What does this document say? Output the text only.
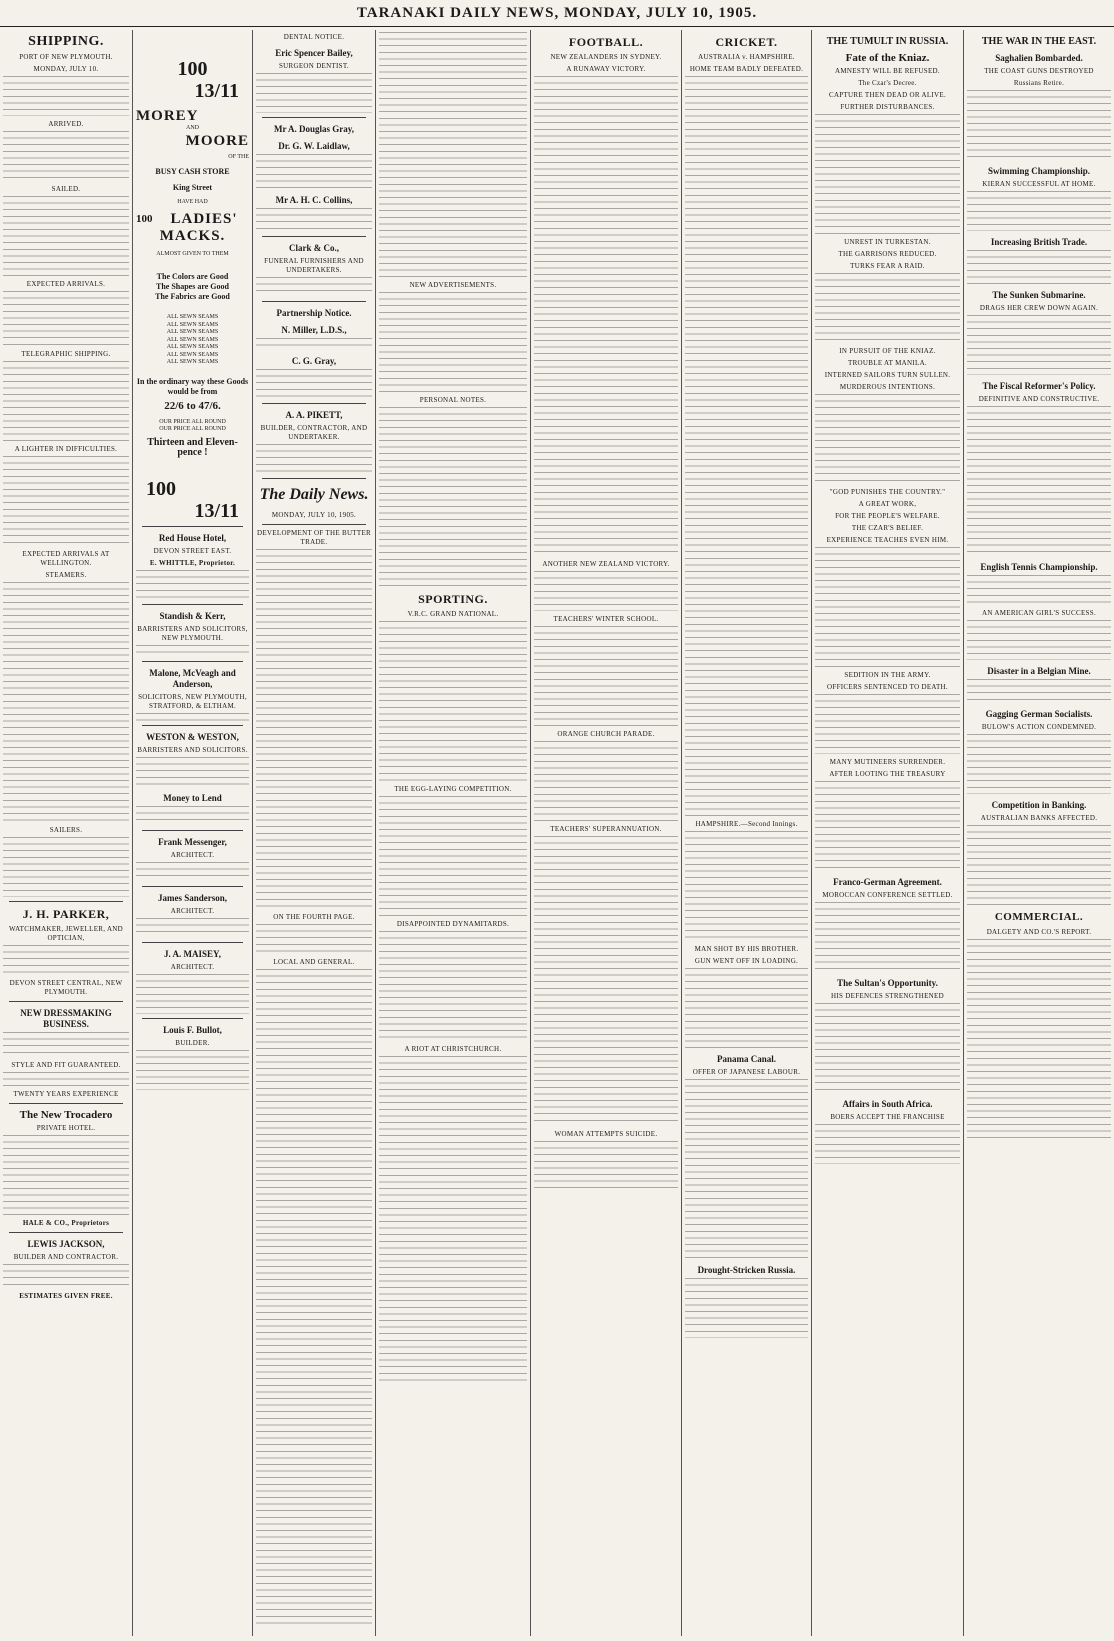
TARANAKI DAILY NEWS, MONDAY, JULY 10, 1905.
SHIPPING.
PORT OF NEW PLYMOUTH.
MONDAY, JULY 10.
ARRIVED.
SAILED.
EXPECTED ARRIVALS.
TELEGRAPHIC SHIPPING.
A LIGHTER IN DIFFICULTIES.
EXPECTED ARRIVALS AT WELLINGTON.
STEAMERS.
SAILERS.
J. H. PARKER,
WATCHMAKER, JEWELLER, AND OPTICIAN,
DEVON STREET CENTRAL, NEW PLYMOUTH.
NEW DRESSMAKING BUSINESS.
STYLE AND FIT GUARANTEED.
TWENTY YEARS EXPERIENCE
The New Trocadero
PRIVATE HOTEL.
HALE & CO., Proprietors
LEWIS JACKSON,
BUILDER AND CONTRACTOR.
ESTIMATES GIVEN FREE.
100
13/11
MOREY
AND
MOORE
OF THE
BUSY CASH STORE
King Street
HAVE HAD
100 LADIES'
MACKS.
ALMOST GIVEN TO THEM
The Colors are Good
The Shapes are Good
The Fabrics are Good
ALL SEWN SEAMS
ALL SEWN SEAMS
ALL SEWN SEAMS
ALL SEWN SEAMS
ALL SEWN SEAMS
ALL SEWN SEAMS
ALL SEWN SEAMS
In the ordinary way these Goods would be from
22/6 to 47/6.
OUR PRICE ALL ROUND
OUR PRICE ALL ROUND
Thirteen and Eleven-pence !
100
13/11
Red House Hotel,
DEVON STREET EAST.
E. WHITTLE, Proprietor.
Standish & Kerr,
BARRISTERS AND SOLICITORS, NEW PLYMOUTH.
Malone, McVeagh and Anderson,
SOLICITORS, NEW PLYMOUTH, STRATFORD, & ELTHAM.
WESTON & WESTON,
BARRISTERS AND SOLICITORS.
Money to Lend
Frank Messenger,
ARCHITECT.
James Sanderson,
ARCHITECT.
J. A. MAISEY,
ARCHITECT.
Louis F. Bullot,
BUILDER.
DENTAL NOTICE.
Eric Spencer Bailey,
SURGEON DENTIST.
Mr A. Douglas Gray,
Dr. G. W. Laidlaw,
Mr A. H. C. Collins,
Clark & Co.,
FUNERAL FURNISHERS AND UNDERTAKERS.
Partnership Notice.
N. Miller, L.D.S.,
C. G. Gray,
A. A. PIKETT,
BUILDER, CONTRACTOR, AND UNDERTAKER.
The Daily News.
MONDAY, JULY 10, 1905.
DEVELOPMENT OF THE BUTTER TRADE.
ON THE FOURTH PAGE.
LOCAL AND GENERAL.
NEW ADVERTISEMENTS.
PERSONAL NOTES.
SPORTING.
V.R.C. GRAND NATIONAL.
THE EGG-LAYING COMPETITION.
DISAPPOINTED DYNAMITARDS.
A RIOT AT CHRISTCHURCH.
FOOTBALL.
NEW ZEALANDERS IN SYDNEY.
A RUNAWAY VICTORY.
ANOTHER NEW ZEALAND VICTORY.
TEACHERS' WINTER SCHOOL.
ORANGE CHURCH PARADE.
TEACHERS' SUPERANNUATION.
WOMAN ATTEMPTS SUICIDE.
CRICKET.
AUSTRALIA v. HAMPSHIRE.
HOME TEAM BADLY DEFEATED.
HAMPSHIRE.—Second Innings.
MAN SHOT BY HIS BROTHER.
GUN WENT OFF IN LOADING.
Panama Canal.
OFFER OF JAPANESE LABOUR.
Drought-Stricken Russia.
THE TUMULT IN RUSSIA.
Fate of the Kniaz.
AMNESTY WILL BE REFUSED.
The Czar's Decree.
CAPTURE THEN DEAD OR ALIVE.
FURTHER DISTURBANCES.
UNREST IN TURKESTAN.
THE GARRISONS REDUCED.
TURKS FEAR A RAID.
IN PURSUIT OF THE KNIAZ.
TROUBLE AT MANILA.
INTERNED SAILORS TURN SULLEN.
MURDEROUS INTENTIONS.
"GOD PUNISHES THE COUNTRY."
A GREAT WORK,
FOR THE PEOPLE'S WELFARE.
THE CZAR'S BELIEF.
EXPERIENCE TEACHES EVEN HIM.
SEDITION IN THE ARMY.
OFFICERS SENTENCED TO DEATH.
MANY MUTINEERS SURRENDER.
AFTER LOOTING THE TREASURY
Franco-German Agreement.
MOROCCAN CONFERENCE SETTLED.
The Sultan's Opportunity.
HIS DEFENCES STRENGTHENED
Affairs in South Africa.
BOERS ACCEPT THE FRANCHISE
THE WAR IN THE EAST.
Saghalien Bombarded.
THE COAST GUNS DESTROYED
Russians Retire.
Swimming Championship.
KIERAN SUCCESSFUL AT HOME.
Increasing British Trade.
The Sunken Submarine.
DRAGS HER CREW DOWN AGAIN.
The Fiscal Reformer's Policy.
DEFINITIVE AND CONSTRUCTIVE.
English Tennis Championship.
AN AMERICAN GIRL'S SUCCESS.
Disaster in a Belgian Mine.
Gagging German Socialists.
BULOW'S ACTION CONDEMNED.
Competition in Banking.
AUSTRALIAN BANKS AFFECTED.
COMMERCIAL.
DALGETY AND CO.'S REPORT.
